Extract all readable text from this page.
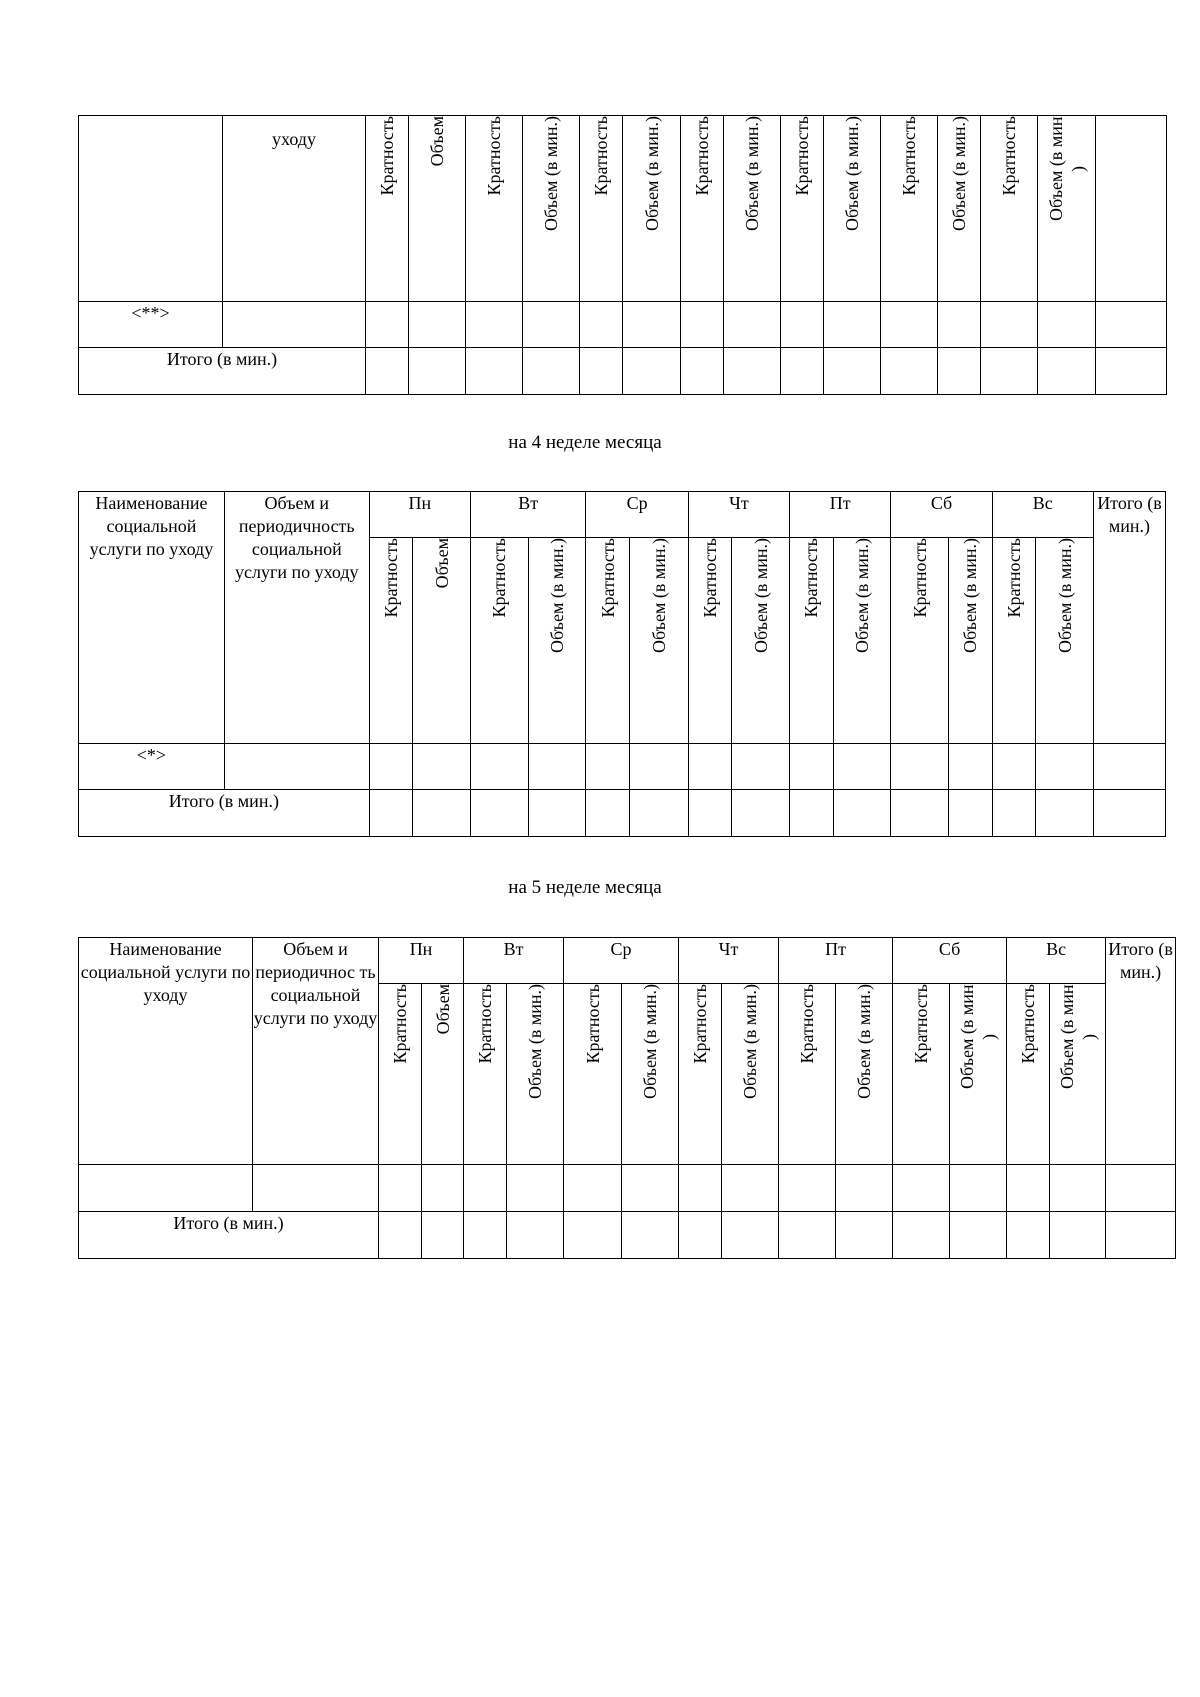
	уходу	Кратность	Объем	Кратность	Объем (в мин.)	Кратность	Объем (в мин.)	Кратность	Объем (в мин.)	Кратность	Объем (в мин.)	Кратность	Объем (в мин.)	Кратность	Объем (в мин )	
<**>																
Итого (в мин.)																
на 4 неделе месяца
Наименование социальной услуги по уходу	Объем и периодичность социальной услуги по уходу	Пн		Вт		Ср		Чт		Пт		Сб		Вс		Итого (в мин.)
		Кратность	Объем	Кратность	Объем (в мин.)	Кратность	Объем (в мин.)	Кратность	Объем (в мин.)	Кратность	Объем (в мин.)	Кратность	Объем (в мин.)	Кратность	Объем (в мин.)	
<*>																
Итого (в мин.)																
на 5 неделе месяца
Наименование социальной услуги по уходу	Объем и периодичнос ть социальной услуги по уходу	Пн		Вт		Ср		Чт		Пт		Сб		Вс		Итого (в мин.)
		Кратность	Объем	Кратность	Объем (в мин.)	Кратность	Объем (в мин.)	Кратность	Объем (в мин.)	Кратность	Объем (в мин.)	Кратность	Объем (в мин )	Кратность	Объем (в мин )	

Итого (в мин.)																
